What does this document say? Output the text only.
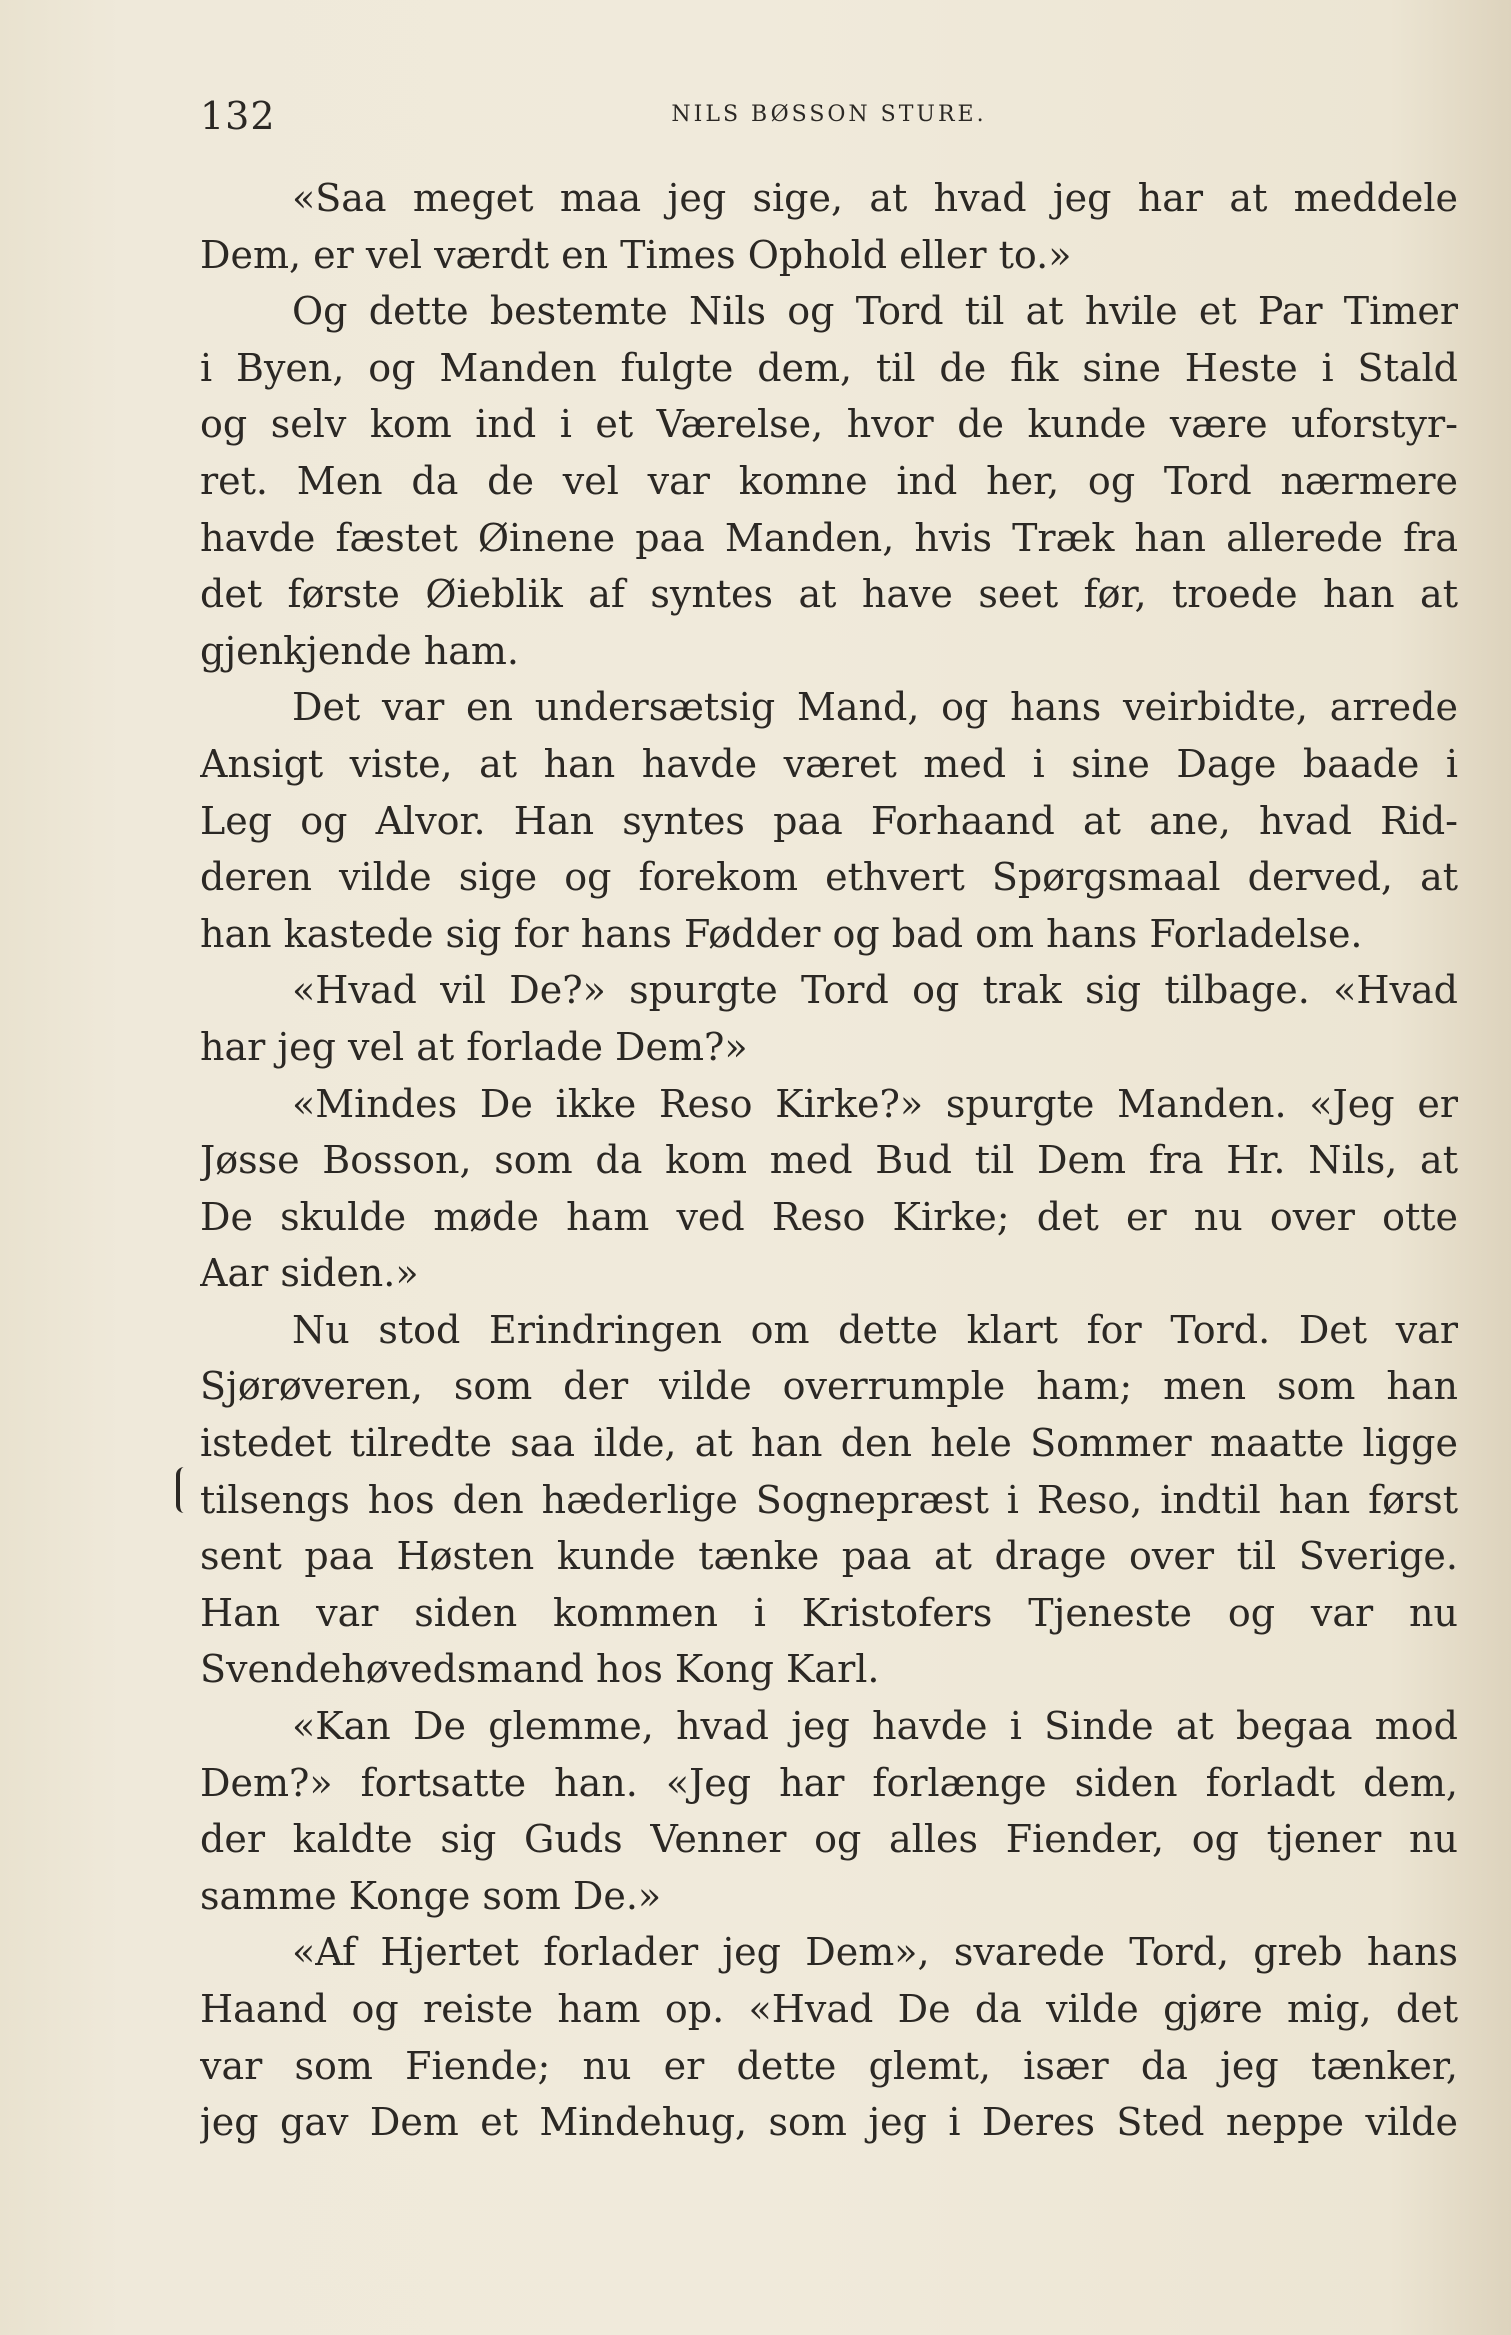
132	NILS BØSSON STURE.
«Saa meget maa jeg sige, at hvad jeg har at meddele
Dem, er vel værdt en Times Ophold eller to.»
Og dette bestemte Nils og Tord til at hvile et Par Timer
i Byen, og Manden fulgte dem, til de fik sine Heste i Stald
og selv kom ind i et Værelse, hvor de kunde være uforstyr-
ret. Men da de vel var komne ind her, og Tord nærmere
havde fæstet Øinene paa Manden, hvis Træk han allerede fra
det første Øieblik af syntes at have seet før, troede han at
gjenkjende ham.
Det var en undersætsig Mand, og hans veirbidte, arrede
Ansigt viste, at han havde været med i sine Dage baade i
Leg og Alvor. Han syntes paa Forhaand at ane, hvad Rid-
deren vilde sige og forekom ethvert Spørgsmaal derved, at
han kastede sig for hans Fødder og bad om hans Forladelse.
«Hvad vil De?» spurgte Tord og trak sig tilbage. «Hvad
har jeg vel at forlade Dem?»
«Mindes De ikke Reso Kirke?» spurgte Manden. «Jeg er
Jøsse Bosson, som da kom med Bud til Dem fra Hr. Nils, at
De skulde møde ham ved Reso Kirke; det er nu over otte
Aar siden.»
Nu stod Erindringen om dette klart for Tord. Det var
Sjørøveren, som der vilde overrumple ham; men som han
istedet tilredte saa ilde, at han den hele Sommer maatte ligge
tilsengs hos den hæderlige Sognepræst i Reso, indtil han først
sent paa Høsten kunde tænke paa at drage over til Sverige.
Han var siden kommen i Kristofers Tjeneste og var nu
Svendehøvedsmand hos Kong Karl.
«Kan De glemme, hvad jeg havde i Sinde at begaa mod
Dem?» fortsatte han. «Jeg har forlænge siden forladt dem,
der kaldte sig Guds Venner og alles Fiender, og tjener nu
samme Konge som De.»
«Af Hjertet forlader jeg Dem», svarede Tord, greb hans
Haand og reiste ham op. «Hvad De da vilde gjøre mig, det
var som Fiende; nu er dette glemt, især da jeg tænker,
jeg gav Dem et Mindehug, som jeg i Deres Sted neppe vilde
